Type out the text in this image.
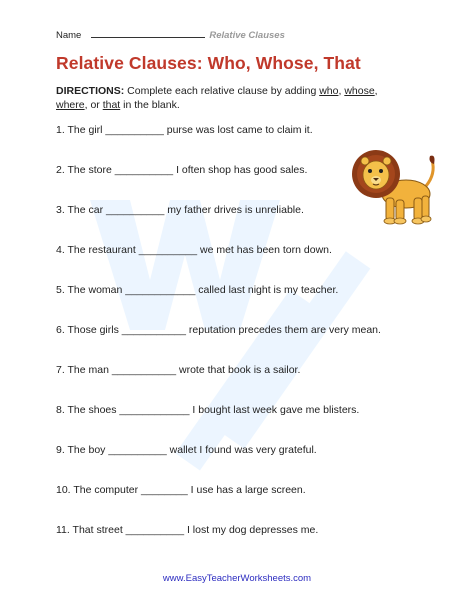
Name	Relative Clauses
Relative Clauses: Who, Whose, That
DIRECTIONS: Complete each relative clause by adding who, whose,
where, or that in the blank.
1. The girl __________ purse was lost came to claim it.
2. The store __________ I often shop has good sales.
3. The car __________ my father drives is unreliable.
4. The restaurant __________ we met has been torn down.
5. The woman ____________ called last night is my teacher.
6. Those girls ___________ reputation precedes them are very mean.
7. The man ___________ wrote that book is a sailor.
8. The shoes ____________ I bought last week gave me blisters.
9. The boy __________ wallet I found was very grateful.
10. The computer ________ I use has a large screen.
11. That street __________ I lost my dog depresses me.
www.EasyTeacherWorksheets.com
